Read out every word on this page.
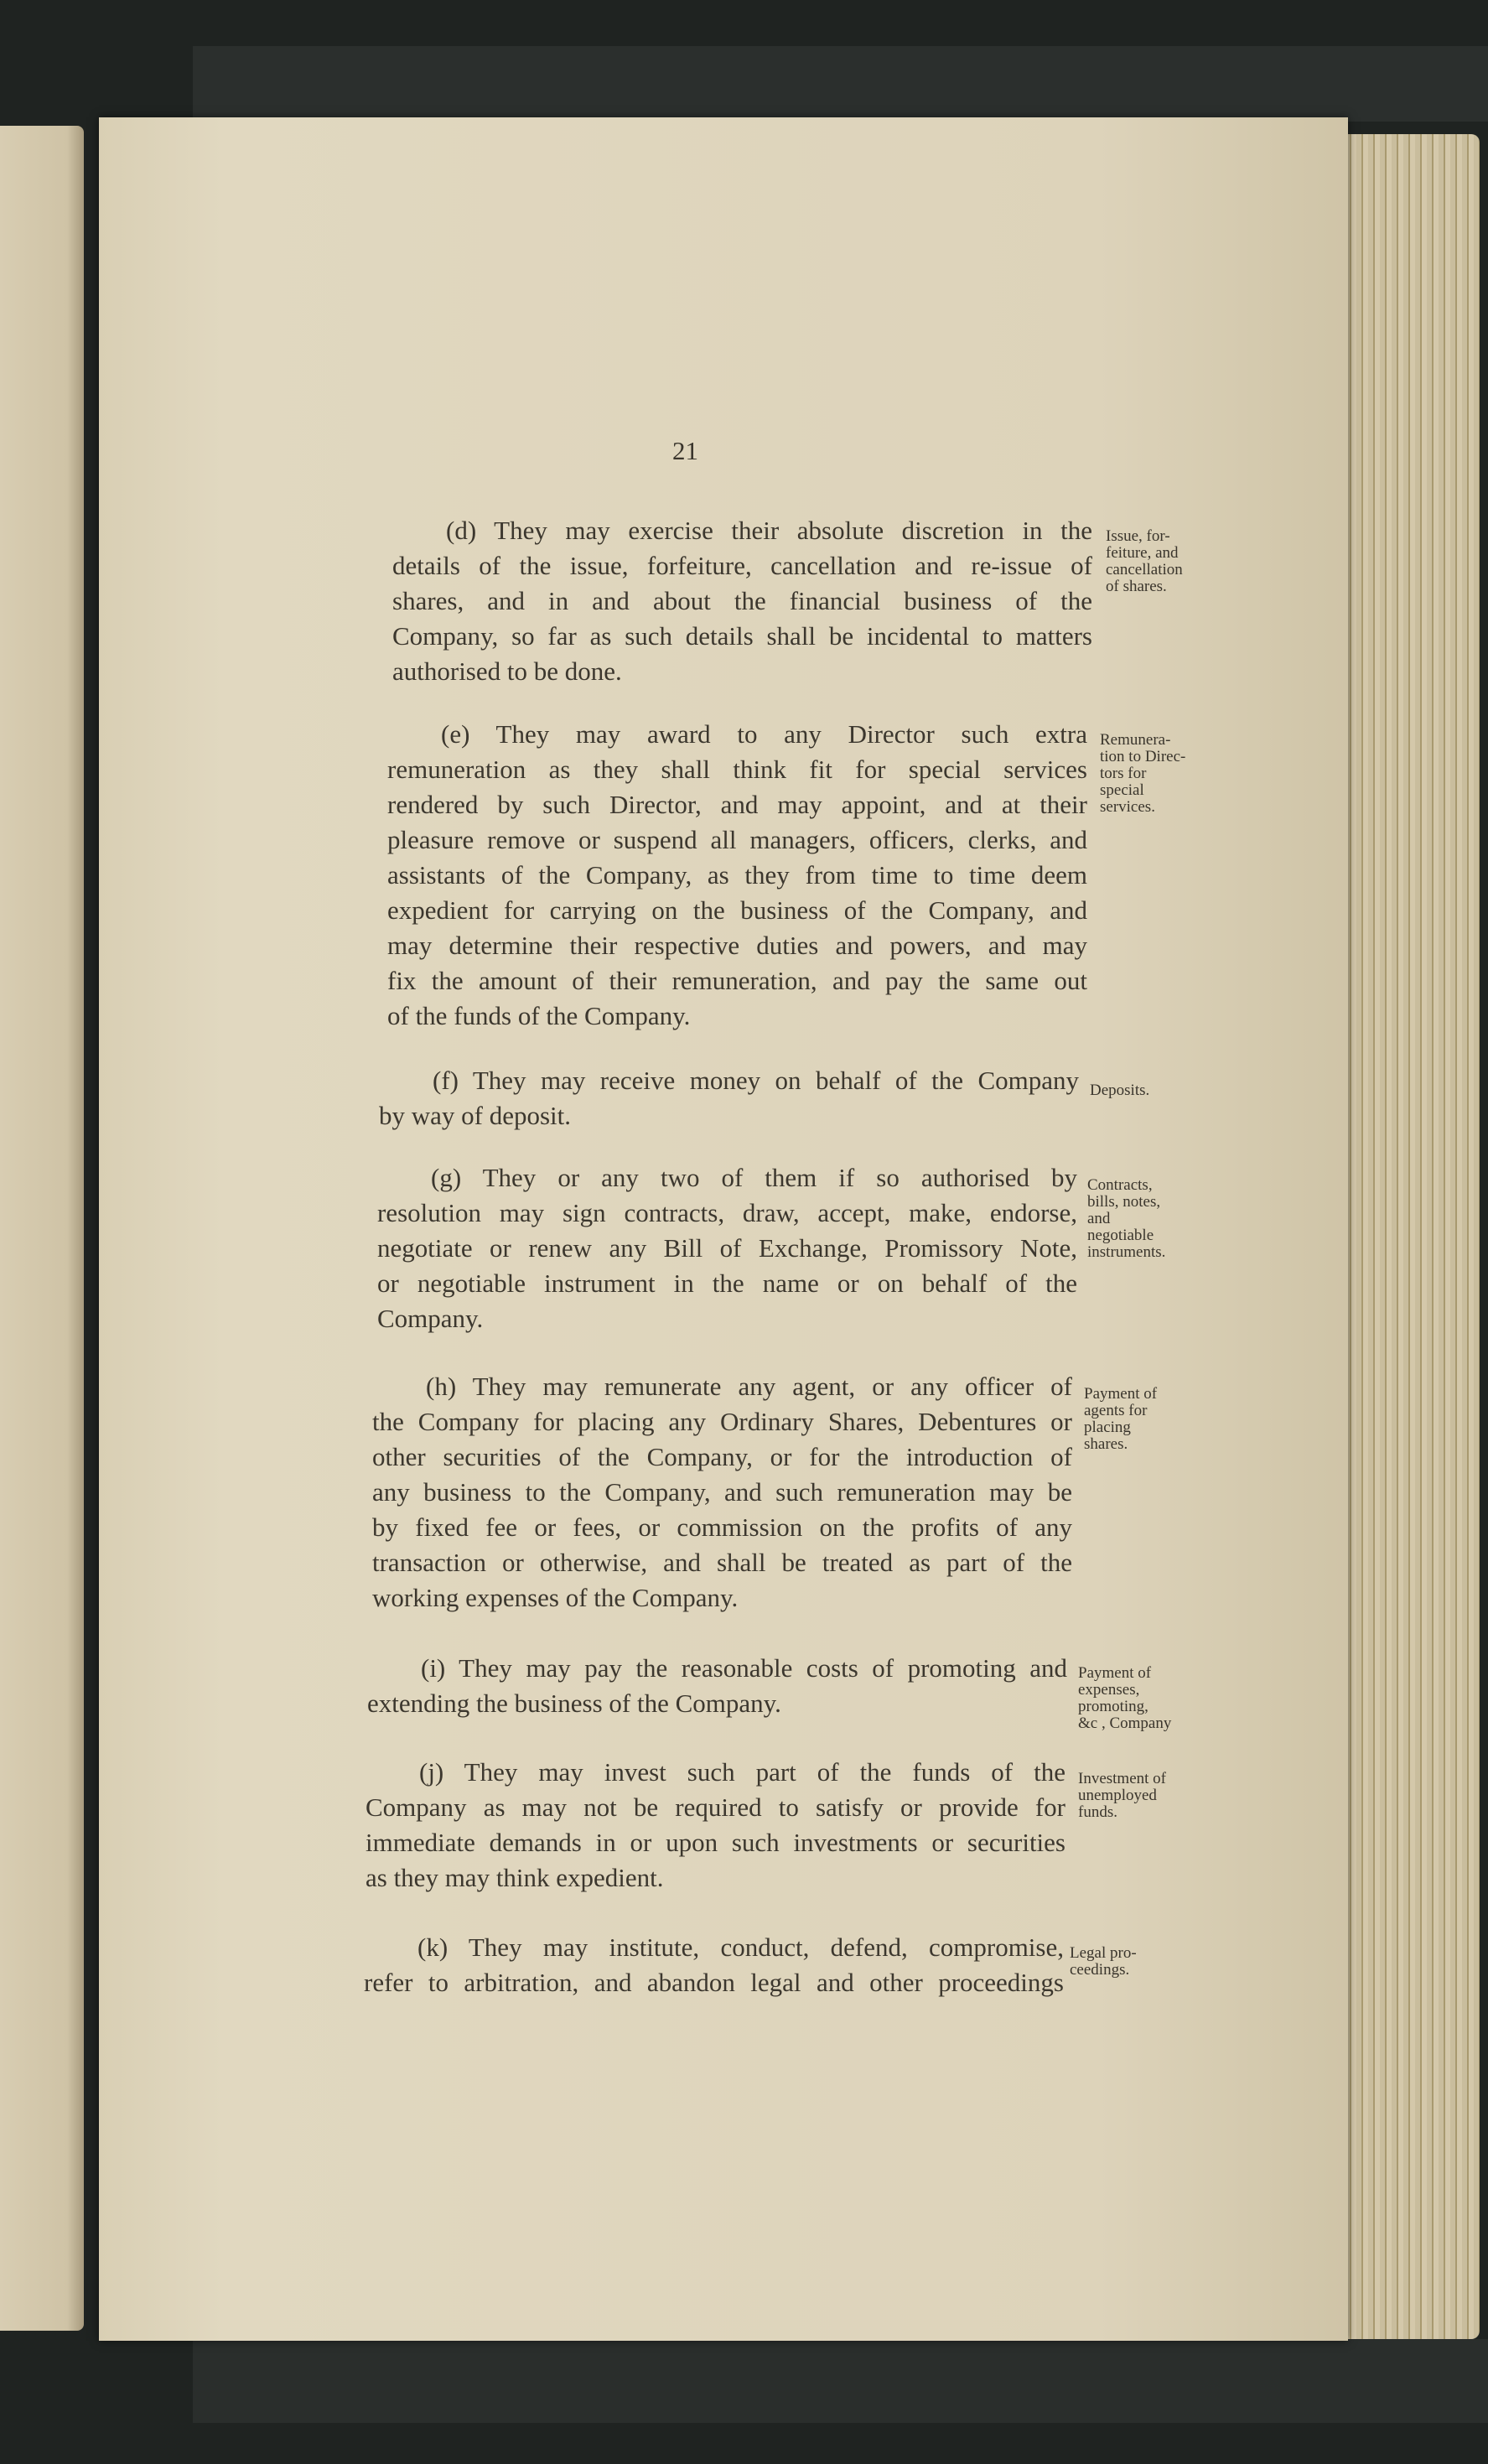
21
(d) They may exercise their absolute discretion in the
details of the issue, forfeiture, cancellation and re-issue of
shares, and in and about the financial business of the
Company, so far as such details shall be incidental to matters
authorised to be done.
(e) They may award to any Director such extra
remuneration as they shall think fit for special services
rendered by such Director, and may appoint, and at their
pleasure remove or suspend all managers, officers, clerks, and
assistants of the Company, as they from time to time deem
expedient for carrying on the business of the Company, and
may determine their respective duties and powers, and may
fix the amount of their remuneration, and pay the same out
of the funds of the Company.
(f) They may receive money on behalf of the Company
by way of deposit.
(g) They or any two of them if so authorised by
resolution may sign contracts, draw, accept, make, endorse,
negotiate or renew any Bill of Exchange, Promissory Note,
or negotiable instrument in the name or on behalf of the
Company.
(h) They may remunerate any agent, or any officer of
the Company for placing any Ordinary Shares, Debentures or
other securities of the Company, or for the introduction of
any business to the Company, and such remuneration may be
by fixed fee or fees, or commission on the profits of any
transaction or otherwise, and shall be treated as part of the
working expenses of the Company.
(i) They may pay the reasonable costs of promoting and
extending the business of the Company.
(j) They may invest such part of the funds of the
Company as may not be required to satisfy or provide for
immediate demands in or upon such investments or securities
as they may think expedient.
(k) They may institute, conduct, defend, compromise,
refer to arbitration, and abandon legal and other proceedings
Issue, for-
feiture, and
cancellation
of shares.
Remunera-
tion to Direc-
tors for
special
services.
Deposits.
Contracts,
bills, notes,
and
negotiable
instruments.
Payment of
agents for
placing
shares.
Payment of
expenses,
promoting,
&c , Company
Investment of
unemployed
funds.
Legal pro-
ceedings.
